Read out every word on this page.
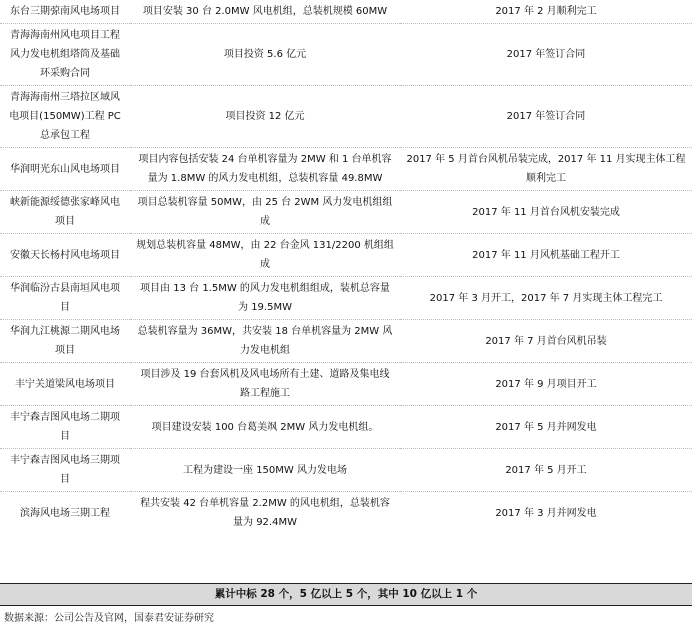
东台三期弶南风电场项目	项目安装 30 台 2.0MW 风电机组，总装机规模 60MW	2017 年 2 月顺利完工
青海海南州风电项目工程风力发电机组塔筒及基础环采购合同	项目投资 5.6 亿元	2017 年签订合同
青海海南州三塔拉区域风电项目(150MW)工程 PC 总承包工程	项目投资 12 亿元	2017 年签订合同
华润明光东山风电场项目	项目内容包括安装 24 台单机容量为 2MW 和 1 台单机容量为 1.8MW 的风力发电机组，总装机容量 49.8MW	2017 年 5 月首台风机吊装完成，2017 年 11 月实现主体工程顺利完工
峡新能源绥德张家峰风电项目	项目总装机容量 50MW，由 25 台 2WM 风力发电机组组成	2017 年 11 月首台风机安装完成
安徽天长杨村风电场项目	规划总装机容量 48MW，由 22 台金风 131/2200 机组组成	2017 年 11 月风机基础工程开工
华润临汾古县南垣风电项目	项目由 13 台 1.5MW 的风力发电机组组成，装机总容量为 19.5MW	2017 年 3 月开工，2017 年 7 月实现主体工程完工
华润九江桃源二期风电场项目	总装机容量为 36MW，共安装 18 台单机容量为 2MW 风力发电机组	2017 年 7 月首台风机吊装
丰宁关道梁风电场项目	项目涉及 19 台套风机及风电场所有土建、道路及集电线路工程施工	2017 年 9 月项目开工
丰宁森吉图风电场二期项目	项目建设安装 100 台葛美飒 2MW 风力发电机组。	2017 年 5 月并网发电
丰宁森吉图风电场三期项目	工程为建设一座 150MW 风力发电场	2017 年 5 月开工
滨海风电场三期工程	程共安装 42 台单机容量 2.2MW 的风电机组，总装机容量为 92.4MW	2017 年 3 月并网发电
累计中标 28 个，5 亿以上 5 个，其中 10 亿以上 1 个
数据来源：公司公告及官网，国泰君安证券研究
